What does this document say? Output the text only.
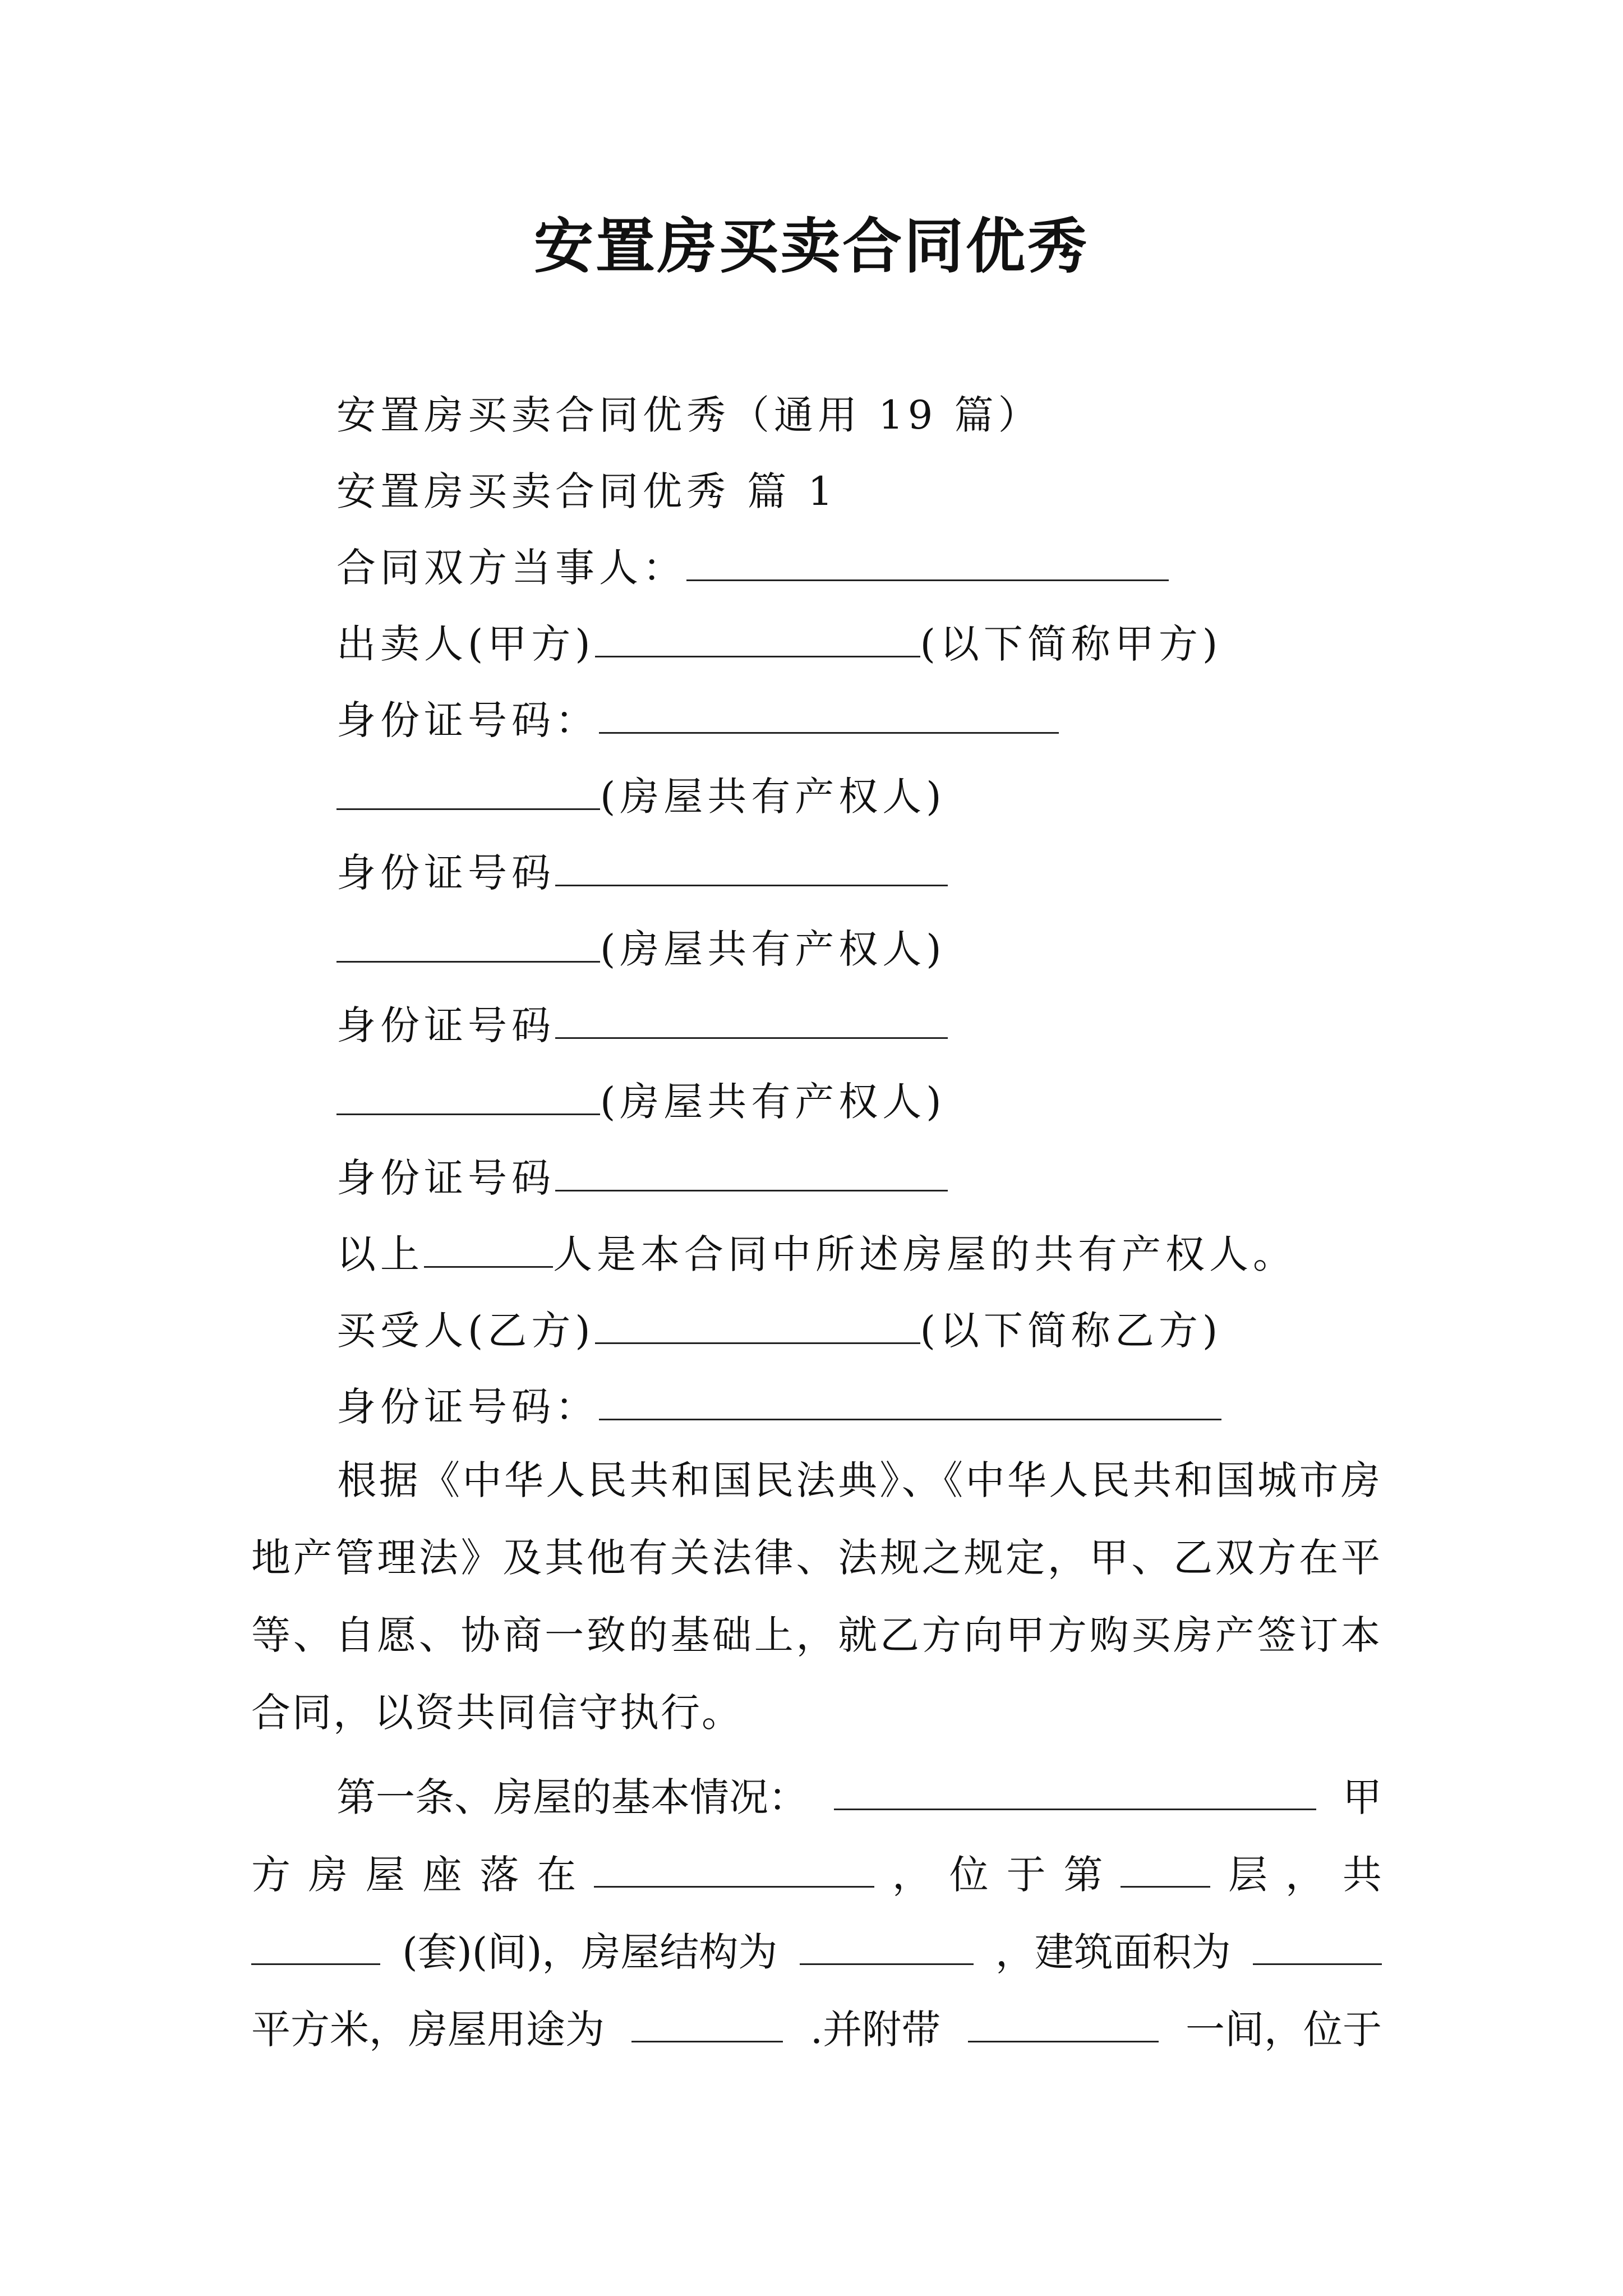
安置房买卖合同优秀
安置房买卖合同优秀（通用 19 篇）
安置房买卖合同优秀 篇 1
合同双方当事人：
出卖人(甲方)	(以下简称甲方)
身份证号码：
(房屋共有产权人)
身份证号码
(房屋共有产权人)
身份证号码
(房屋共有产权人)
身份证号码
以上	人是本合同中所述房屋的共有产权人。
买受人(乙方)	(以下简称乙方)
身份证号码：
根据《中华人民共和国民法典》、《中华人民共和国城市房地产管理法》及其他有关法律、法规之规定，甲、乙双方在平等、自愿、协商一致的基础上，就乙方向甲方购买房产签订本合同，以资共同信守执行。
第一条、房屋的基本情况：	甲
方 房 屋 座 落 在	， 位 于 第	层 ， 共
(套)(间)，房屋结构为	，建筑面积为
平方米，房屋用途为	.并附带	一间，位于
